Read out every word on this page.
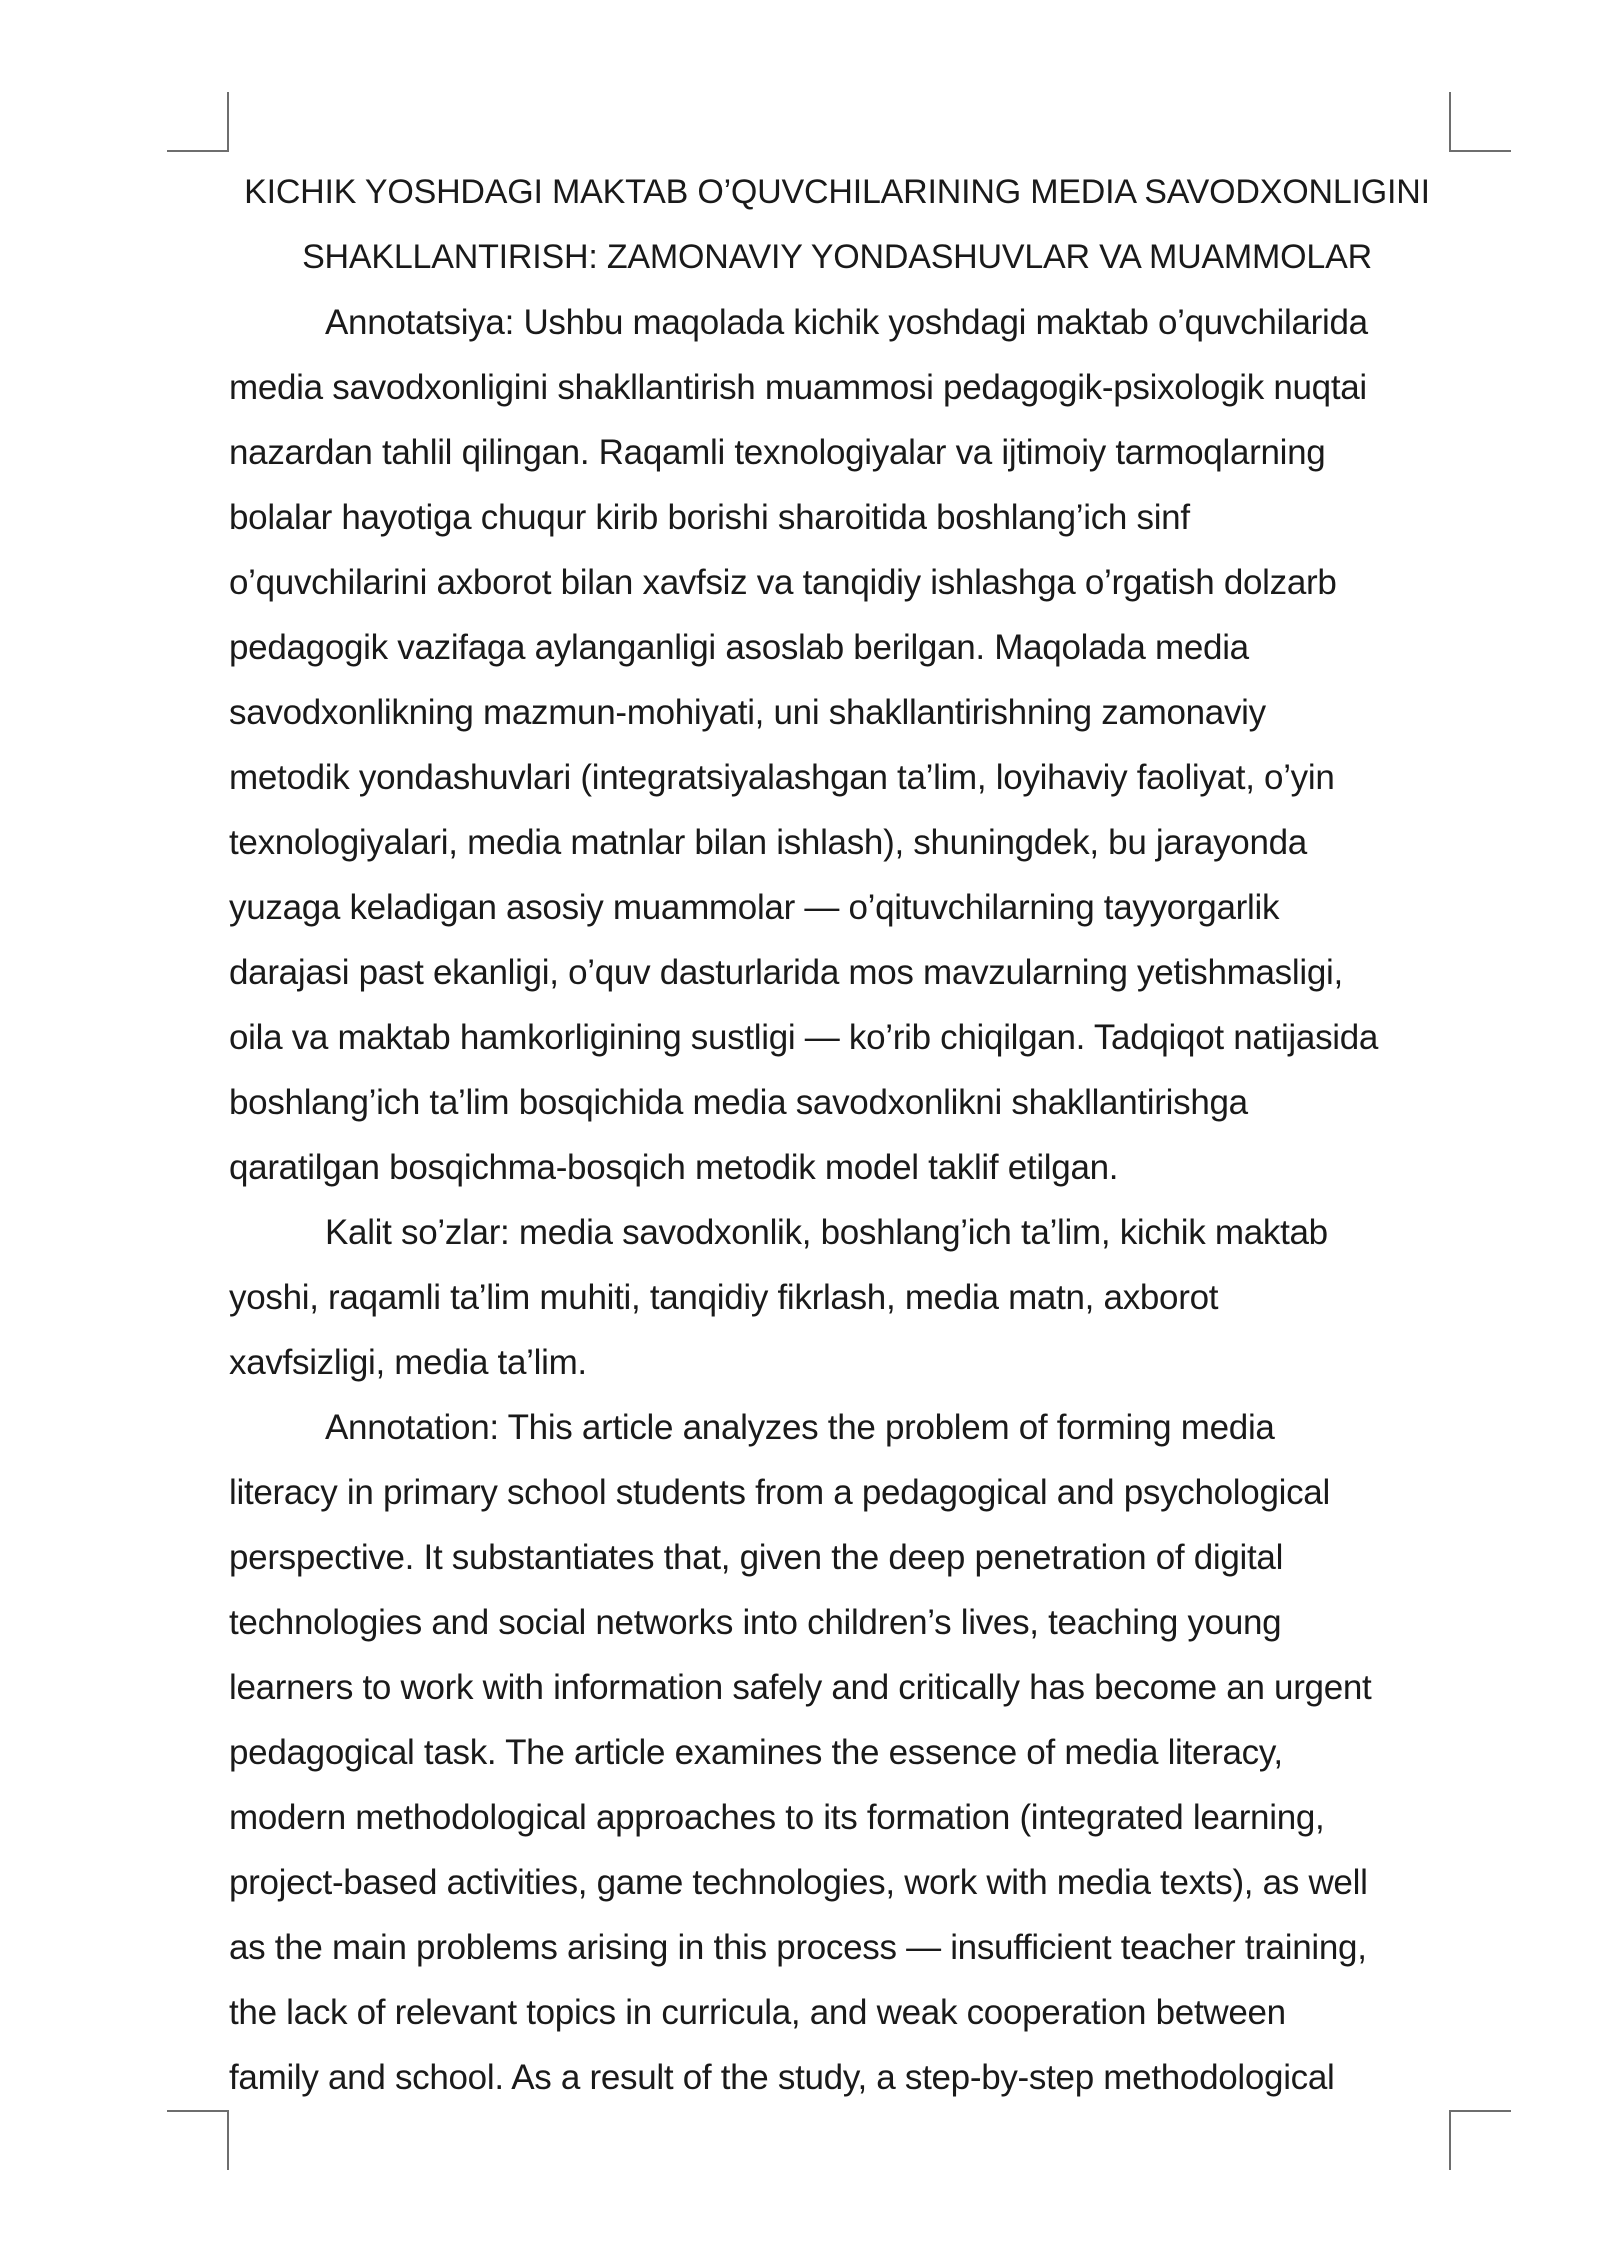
KICHIK YOSHDAGI MAKTAB O’QUVCHILARINING MEDIA SAVODXONLIGINI
SHAKLLANTIRISH: ZAMONAVIY YONDASHUVLAR VA MUAMMOLAR
Annotatsiya: Ushbu maqolada kichik yoshdagi maktab o’quvchilarida
media savodxonligini shakllantirish muammosi pedagogik-psixologik nuqtai
nazardan tahlil qilingan. Raqamli texnologiyalar va ijtimoiy tarmoqlarning
bolalar hayotiga chuqur kirib borishi sharoitida boshlang’ich sinf
o’quvchilarini axborot bilan xavfsiz va tanqidiy ishlashga o’rgatish dolzarb
pedagogik vazifaga aylanganligi asoslab berilgan. Maqolada media
savodxonlikning mazmun-mohiyati, uni shakllantirishning zamonaviy
metodik yondashuvlari (integratsiyalashgan ta’lim, loyihaviy faoliyat, o’yin
texnologiyalari, media matnlar bilan ishlash), shuningdek, bu jarayonda
yuzaga keladigan asosiy muammolar — o’qituvchilarning tayyorgarlik
darajasi past ekanligi, o’quv dasturlarida mos mavzularning yetishmasligi,
oila va maktab hamkorligining sustligi — ko’rib chiqilgan. Tadqiqot natijasida
boshlang’ich ta’lim bosqichida media savodxonlikni shakllantirishga
qaratilgan bosqichma-bosqich metodik model taklif etilgan.
Kalit so’zlar: media savodxonlik, boshlang’ich ta’lim, kichik maktab
yoshi, raqamli ta’lim muhiti, tanqidiy fikrlash, media matn, axborot
xavfsizligi, media ta’lim.
Annotation: This article analyzes the problem of forming media
literacy in primary school students from a pedagogical and psychological
perspective. It substantiates that, given the deep penetration of digital
technologies and social networks into children’s lives, teaching young
learners to work with information safely and critically has become an urgent
pedagogical task. The article examines the essence of media literacy,
modern methodological approaches to its formation (integrated learning,
project-based activities, game technologies, work with media texts), as well
as the main problems arising in this process — insufficient teacher training,
the lack of relevant topics in curricula, and weak cooperation between
family and school. As a result of the study, a step-by-step methodological
